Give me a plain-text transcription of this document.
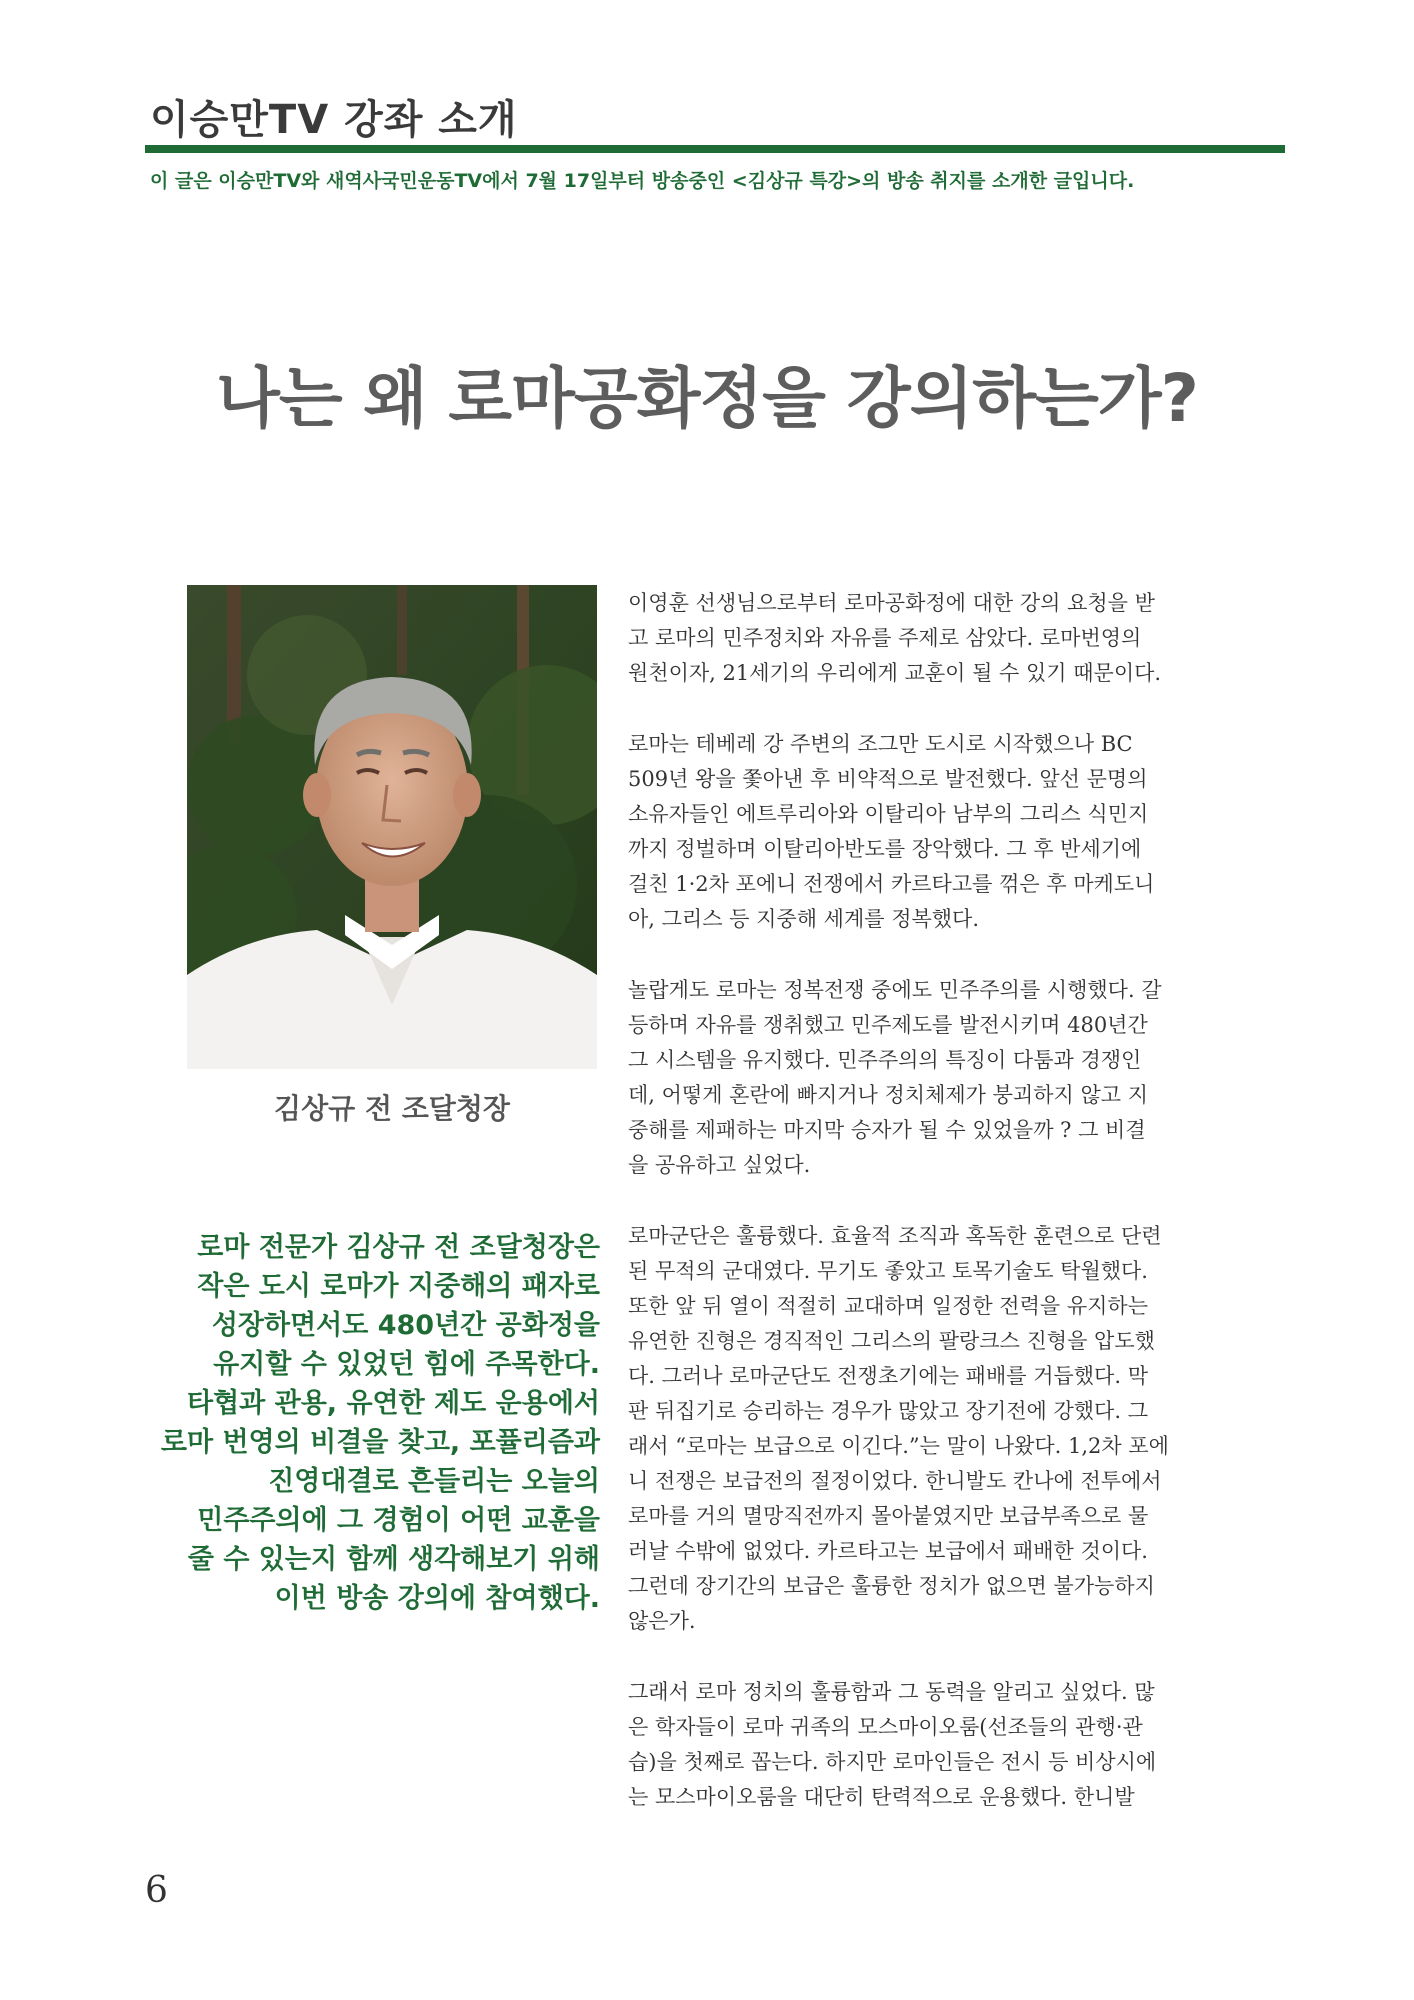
이승만TV 강좌 소개

이 글은 이승만TV와 새역사국민운동TV에서 7월 17일부터 방송중인 <김상규 특강>의 방송 취지를 소개한 글입니다.

나는 왜 로마공화정을 강의하는가?

김상규 전 조달청장

로마 전문가 김상규 전 조달청장은
작은 도시 로마가 지중해의 패자로
성장하면서도 480년간 공화정을
유지할 수 있었던 힘에 주목한다.
타협과 관용, 유연한 제도 운용에서
로마 번영의 비결을 찾고, 포퓰리즘과
진영대결로 흔들리는 오늘의
민주주의에 그 경험이 어떤 교훈을
줄 수 있는지 함께 생각해보기 위해
이번 방송 강의에 참여했다.
이영훈 선생님으로부터 로마공화정에 대한 강의 요청을 받
고 로마의 민주정치와 자유를 주제로 삼았다. 로마번영의
원천이자, 21세기의 우리에게 교훈이 될 수 있기 때문이다.
로마는 테베레 강 주변의 조그만 도시로 시작했으나 BC
509년 왕을 쫓아낸 후 비약적으로 발전했다. 앞선 문명의
소유자들인 에트루리아와 이탈리아 남부의 그리스 식민지
까지 정벌하며 이탈리아반도를 장악했다. 그 후 반세기에
걸친 1·2차 포에니 전쟁에서 카르타고를 꺾은 후 마케도니
아, 그리스 등 지중해 세계를 정복했다.
놀랍게도 로마는 정복전쟁 중에도 민주주의를 시행했다. 갈
등하며 자유를 쟁취했고 민주제도를 발전시키며 480년간
그 시스템을 유지했다. 민주주의의 특징이 다툼과 경쟁인
데, 어떻게 혼란에 빠지거나 정치체제가 붕괴하지 않고 지
중해를 제패하는 마지막 승자가 될 수 있었을까 ? 그 비결
을 공유하고 싶었다.
로마군단은 훌륭했다. 효율적 조직과 혹독한 훈련으로 단련
된 무적의 군대였다. 무기도 좋았고 토목기술도 탁월했다.
또한 앞 뒤 열이 적절히 교대하며 일정한 전력을 유지하는
유연한 진형은 경직적인 그리스의 팔랑크스 진형을 압도했
다. 그러나 로마군단도 전쟁초기에는 패배를 거듭했다. 막
판 뒤집기로 승리하는 경우가 많았고 장기전에 강했다. 그
래서 “로마는 보급으로 이긴다.”는 말이 나왔다. 1,2차 포에
니 전쟁은 보급전의 절정이었다. 한니발도 칸나에 전투에서
로마를 거의 멸망직전까지 몰아붙였지만 보급부족으로 물
러날 수밖에 없었다. 카르타고는 보급에서 패배한 것이다.
그런데 장기간의 보급은 훌륭한 정치가 없으면 불가능하지
않은가.
그래서 로마 정치의 훌륭함과 그 동력을 알리고 싶었다. 많
은 학자들이 로마 귀족의 모스마이오룸(선조들의 관행·관
습)을 첫째로 꼽는다. 하지만 로마인들은 전시 등 비상시에
는 모스마이오룸을 대단히 탄력적으로 운용했다. 한니발

6
